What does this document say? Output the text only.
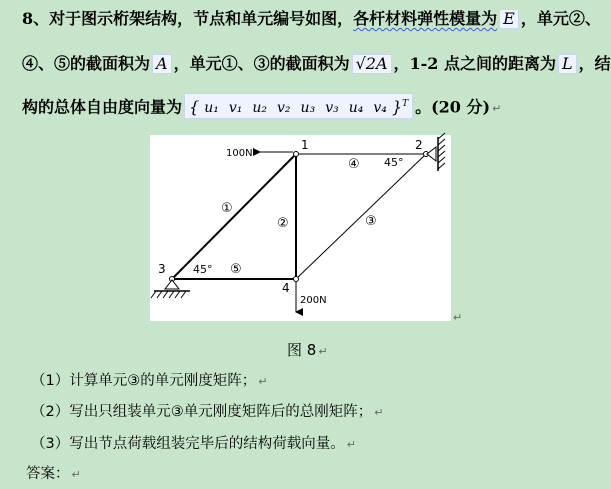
8、对于图示桁架结构，节点和单元编号如图，各杆材料弹性模量为 E ，单元②、
④、⑤的截面积为 A ，单元①、③的截面积为 √2A ，1-2 点之间的距离为 L ，结
构的总体自由度向量为 { u₁ v₁ u₂ v₂ u₃ v₃ u₄ v₄ }$^T$ 。(20 分) ↵
100N
200N
1	2
3
4
①
②	③
④
⑤
45°
45°
↵
图 8 ↵
（1）计算单元③的单元刚度矩阵； ↵
（2）写出只组装单元③单元刚度矩阵后的总刚矩阵； ↵
（3）写出节点荷载组装完毕后的结构荷载向量。 ↵
答案： ↵
